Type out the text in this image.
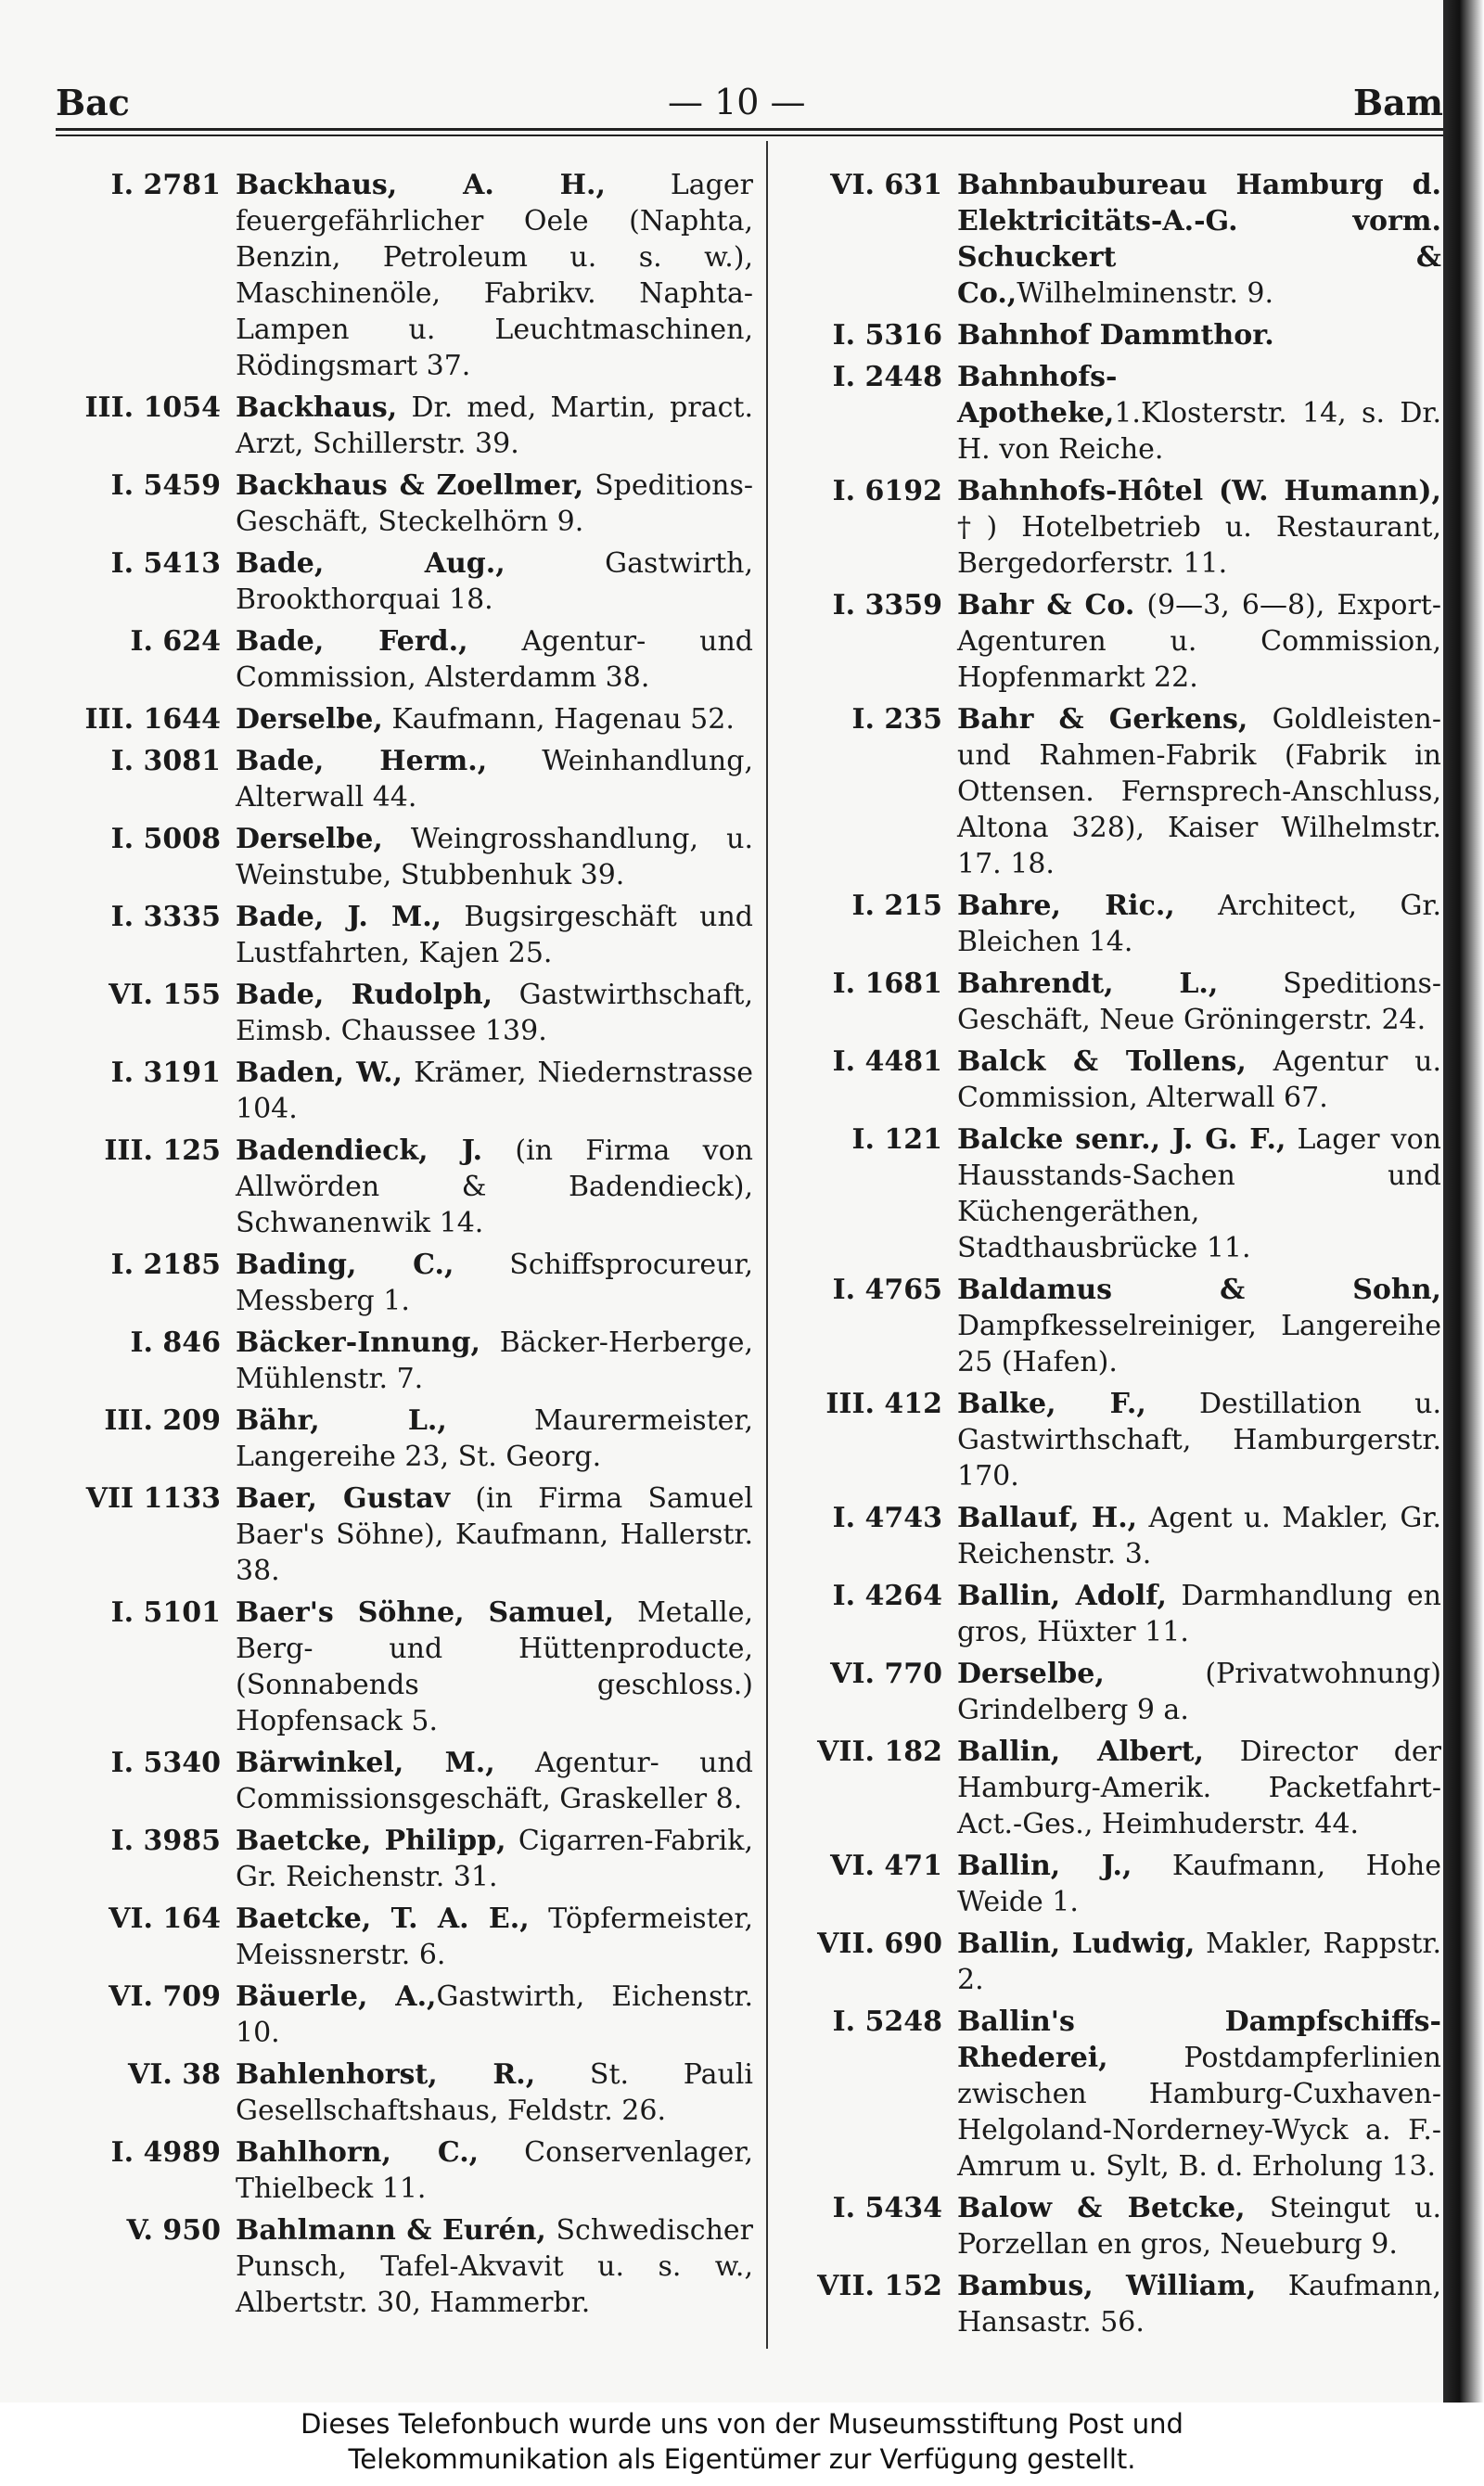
Bac	— 10 —	Bam
I. 2781 Backhaus, A. H., Lager feuergefährlicher Oele (Naphta, Benzin, Petroleum u. s. w.), Maschinenöle, Fabrikv. Naphta-Lampen u. Leuchtmaschinen, Rödingsmart 37.
III. 1054 Backhaus, Dr. med, Martin, pract. Arzt, Schillerstr. 39.
I. 5459 Backhaus & Zoellmer, Speditions-Geschäft, Steckelhörn 9.
I. 5413 Bade, Aug., Gastwirth, Brookthorquai 18.
I. 624 Bade, Ferd., Agentur- und Commission, Alsterdamm 38.
III. 1644 Derselbe, Kaufmann, Hagenau 52.
I. 3081 Bade, Herm., Weinhandlung, Alterwall 44.
I. 5008 Derselbe, Weingrosshandlung, u. Weinstube, Stubbenhuk 39.
I. 3335 Bade, J. M., Bugsirgeschäft und Lustfahrten, Kajen 25.
VI. 155 Bade, Rudolph, Gastwirthschaft, Eimsb. Chaussee 139.
I. 3191 Baden, W., Krämer, Niedernstrasse 104.
III. 125 Badendieck, J. (in Firma von Allwörden & Badendieck), Schwanenwik 14.
I. 2185 Bading, C., Schiffsprocureur, Messberg 1.
I. 846 Bäcker-Innung, Bäcker-Herberge, Mühlenstr. 7.
III. 209 Bähr, L., Maurermeister, Langereihe 23, St. Georg.
VII 1133 Baer, Gustav (in Firma Samuel Baer's Söhne), Kaufmann, Hallerstr. 38.
I. 5101 Baer's Söhne, Samuel, Metalle, Berg- und Hüttenproducte, (Sonnabends geschloss.) Hopfensack 5.
I. 5340 Bärwinkel, M., Agentur- und Commissionsgeschäft, Graskeller 8.
I. 3985 Baetcke, Philipp, Cigarren-Fabrik, Gr. Reichenstr. 31.
VI. 164 Baetcke, T. A. E., Töpfermeister, Meissnerstr. 6.
VI. 709 Bäuerle, A.,Gastwirth, Eichenstr. 10.
VI. 38 Bahlenhorst, R., St. Pauli Gesellschaftshaus, Feldstr. 26.
I. 4989 Bahlhorn, C., Conservenlager, Thielbeck 11.
V. 950 Bahlmann & Eurén, Schwedischer Punsch, Tafel-Akvavit u. s. w., Albertstr. 30, Hammerbr.
VI. 631 Bahnbaubureau Hamburg d. Elektricitäts-A.-G. vorm. Schuckert & Co.,Wilhelminenstr. 9.
I. 5316 Bahnhof Dammthor.
I. 2448 Bahnhofs-Apotheke,1.Klosterstr. 14, s. Dr. H. von Reiche.
I. 6192 Bahnhofs-Hôtel (W. Humann), †) Hotelbetrieb u. Restaurant, Bergedorferstr. 11.
I. 3359 Bahr & Co. (9—3, 6—8), Export-Agenturen u. Commission, Hopfenmarkt 22.
I. 235 Bahr & Gerkens, Goldleisten- und Rahmen-Fabrik (Fabrik in Ottensen. Fernsprech-Anschluss, Altona 328), Kaiser Wilhelmstr. 17. 18.
I. 215 Bahre, Ric., Architect, Gr. Bleichen 14.
I. 1681 Bahrendt, L., Speditions-Geschäft, Neue Gröningerstr. 24.
I. 4481 Balck & Tollens, Agentur u. Commission, Alterwall 67.
I. 121 Balcke senr., J. G. F., Lager von Hausstands-Sachen und Küchengeräthen, Stadthausbrücke 11.
I. 4765 Baldamus & Sohn, Dampfkesselreiniger, Langereihe 25 (Hafen).
III. 412 Balke, F., Destillation u. Gastwirthschaft, Hamburgerstr. 170.
I. 4743 Ballauf, H., Agent u. Makler, Gr. Reichenstr. 3.
I. 4264 Ballin, Adolf, Darmhandlung en gros, Hüxter 11.
VI. 770 Derselbe, (Privatwohnung) Grindelberg 9 a.
VII. 182 Ballin, Albert, Director der Hamburg-Amerik. Packetfahrt-Act.-Ges., Heimhuderstr. 44.
VI. 471 Ballin, J., Kaufmann, Hohe Weide 1.
VII. 690 Ballin, Ludwig, Makler, Rappstr. 2.
I. 5248 Ballin's Dampfschiffs-Rhederei, Postdampferlinien zwischen Hamburg-Cuxhaven-Helgoland-Norderney-Wyck a. F.-Amrum u. Sylt, B. d. Erholung 13.
I. 5434 Balow & Betcke, Steingut u. Porzellan en gros, Neueburg 9.
VII. 152 Bambus, William, Kaufmann, Hansastr. 56.
Dieses Telefonbuch wurde uns von der Museumsstiftung Post und
Telekommunikation als Eigentümer zur Verfügung gestellt.
